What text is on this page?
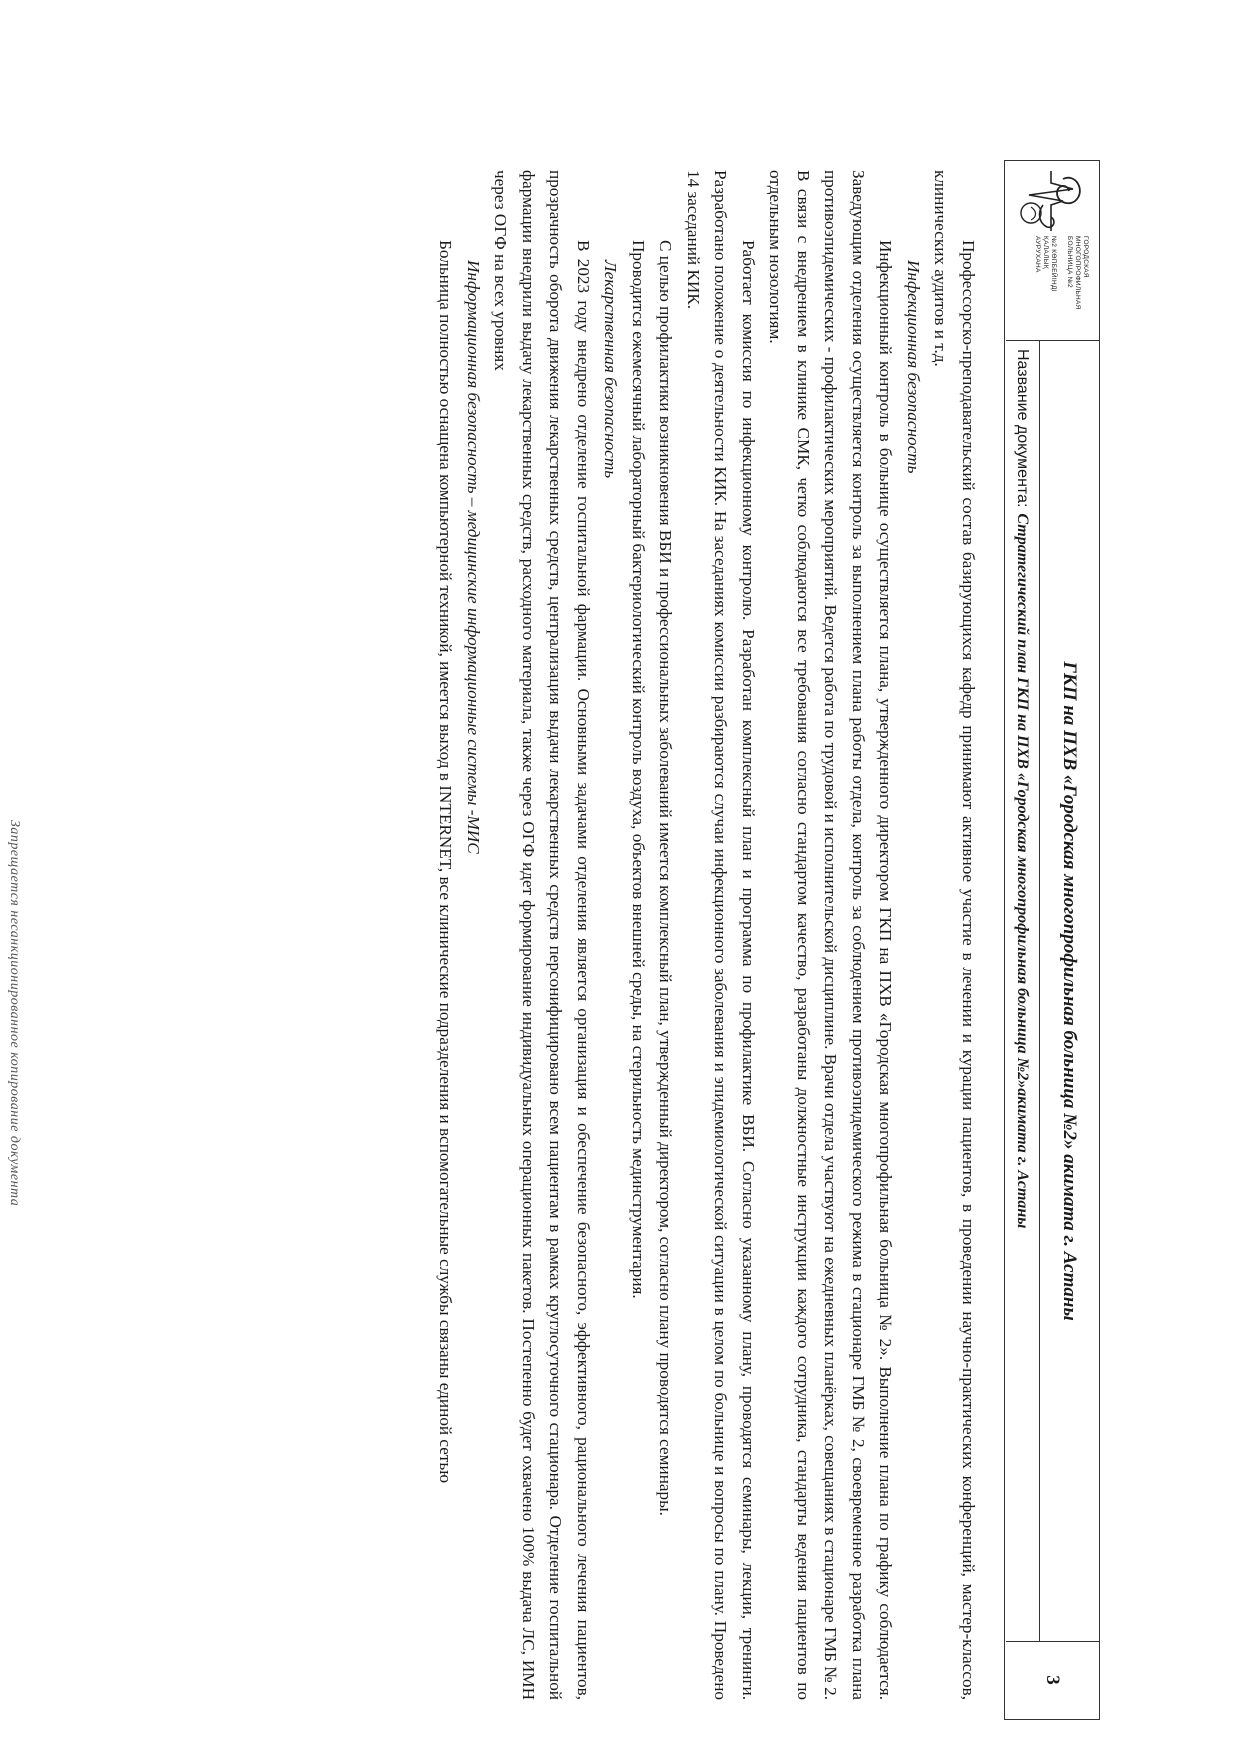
ГОРОДСКАЯ
МНОГОПРОФИЛЬНАЯ
БОЛЬНИЦА №2
№2 КӨПБЕЙІНДІ
ҚАЛАЛЫҚ
АУРУХАНА
ГКП на ПХВ «Городская многопрофильная больница №2» акимата г. Астаны
Название документа:
Стратегический план ГКП на ПХВ «Городская многопрофильная больница №2»акимата г. Астаны
3

Профессорско-преподавательский состав базирующихся кафедр принимают активное участие в лечении и курации пациентов, в проведении научно-практических конференций, мастер-классов, клинических аудитов и т.д.

Инфекционная безопасность

Инфекционный контроль в больнице осуществляется плана, утвержденного директором ГКП на ПХВ «Городская многопрофильная больница № 2». Выполнение плана по графику соблюдается. Заведующим отделения осуществляется контроль за выполнением плана работы отдела, контроль за соблюдением противоэпидемического режима в стационаре ГМБ № 2, своевременное разработка плана противоэпидемических - профилактических мероприятий. Ведется работа по трудовой и исполнительской дисциплине. Врачи отдела участвуют на ежедневных планёрках, совещаниях в стационаре ГМБ № 2. В связи с внедрением в клинике СМК, четко соблюдаются все требования согласно стандартом качество, разработаны должностные инструкции каждого сотрудника, стандарты ведения пациентов по отдельным нозологиям.

Работает комиссия по инфекционному контролю. Разработан комплексный план и программа по профилактике ВБИ. Согласно указанному плану, проводятся семинары, лекции, тренинги. Разработано положение о деятельности КИК. На заседаниях комиссии разбираются случаи инфекционного заболевания и эпидемиологической ситуации в целом по больнице и вопросы по плану. Проведено 14 заседаний КИК.

С целью профилактики возникновения ВБИ и профессиональных заболеваний имеется комплексный план, утвержденный директором, согласно плану проводятся семинары.

Проводится ежемесячный лабораторный бактериологический контроль воздуха, объектов внешней среды, на стерильность мединструментария.

Лекарственная безопасность

В 2023 году внедрено отделение госпитальной фармации. Основными задачами отделения является организация и обеспечение безопасного, эффективного, рационального лечения пациентов, прозрачность оборота движения лекарственных средств, централизация выдачи лекарственных средств персонифицировано всем пациентам в рамках круглосуточного стационара. Отделение госпитальной фармации внедрили выдачу лекарственных средств, расходного материала, также через ОГФ идет формирование индивидуальных операционных пакетов. Постепенно будет охвачено 100% выдача ЛС, ИМН через ОГФ на всех уровнях

Информационная безопасность – медицинские информационные системы -МИС

Больница полностью оснащена компьютерной техникой, имеется выход в INTERNET, все клинические подразделения и вспомогательные службы связаны единой сетью

Запрещается несанкционированное копирование документа
